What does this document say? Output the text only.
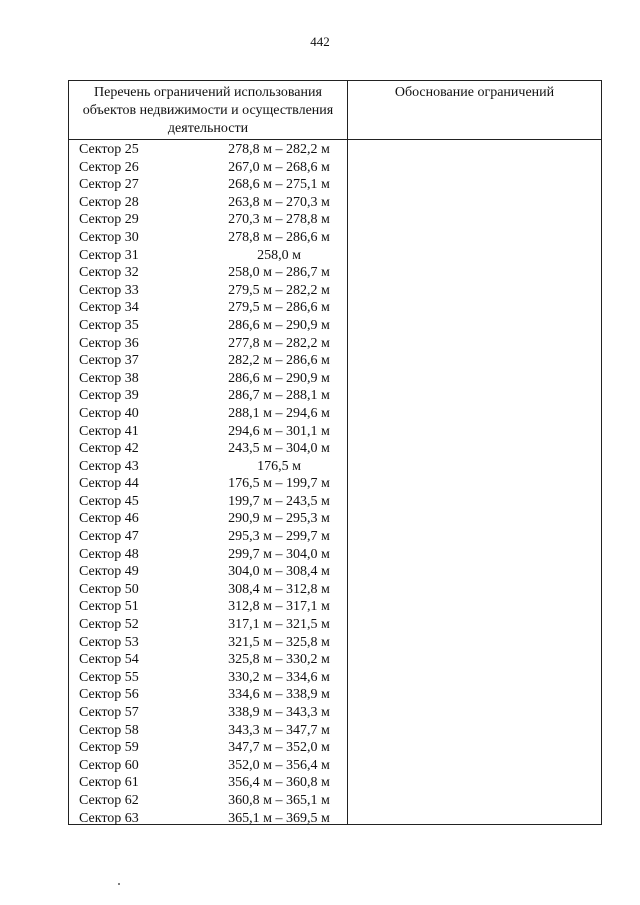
442
Перечень ограничений использования
объектов недвижимости и осуществления
деятельности
Обоснование ограничений
Сектор 25	278,8 м – 282,2 м
Сектор 26	267,0 м – 268,6 м
Сектор 27	268,6 м – 275,1 м
Сектор 28	263,8 м – 270,3 м
Сектор 29	270,3 м – 278,8 м
Сектор 30	278,8 м – 286,6 м
Сектор 31	258,0 м
Сектор 32	258,0 м – 286,7 м
Сектор 33	279,5 м – 282,2 м
Сектор 34	279,5 м – 286,6 м
Сектор 35	286,6 м – 290,9 м
Сектор 36	277,8 м – 282,2 м
Сектор 37	282,2 м – 286,6 м
Сектор 38	286,6 м – 290,9 м
Сектор 39	286,7 м – 288,1 м
Сектор 40	288,1 м – 294,6 м
Сектор 41	294,6 м – 301,1 м
Сектор 42	243,5 м – 304,0 м
Сектор 43	176,5 м
Сектор 44	176,5 м – 199,7 м
Сектор 45	199,7 м – 243,5 м
Сектор 46	290,9 м – 295,3 м
Сектор 47	295,3 м – 299,7 м
Сектор 48	299,7 м – 304,0 м
Сектор 49	304,0 м – 308,4 м
Сектор 50	308,4 м – 312,8 м
Сектор 51	312,8 м – 317,1 м
Сектор 52	317,1 м – 321,5 м
Сектор 53	321,5 м – 325,8 м
Сектор 54	325,8 м – 330,2 м
Сектор 55	330,2 м – 334,6 м
Сектор 56	334,6 м – 338,9 м
Сектор 57	338,9 м – 343,3 м
Сектор 58	343,3 м – 347,7 м
Сектор 59	347,7 м – 352,0 м
Сектор 60	352,0 м – 356,4 м
Сектор 61	356,4 м – 360,8 м
Сектор 62	360,8 м – 365,1 м
Сектор 63	365,1 м – 369,5 м
